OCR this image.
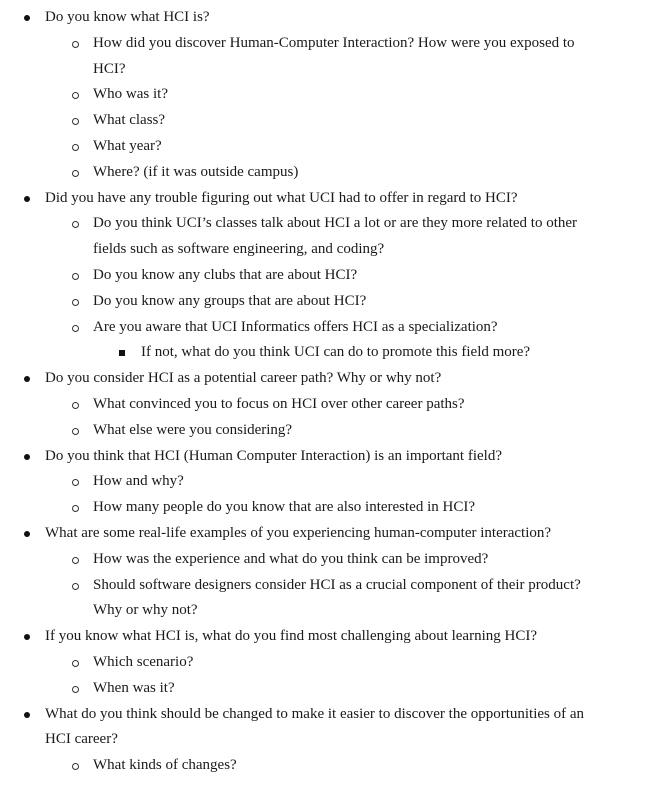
Do you know what HCI is?
How did you discover Human-Computer Interaction? How were you exposed to
HCI?
Who was it?
What class?
What year?
Where? (if it was outside campus)
Did you have any trouble figuring out what UCI had to offer in regard to HCI?
Do you think UCI’s classes talk about HCI a lot or are they more related to other
fields such as software engineering, and coding?
Do you know any clubs that are about HCI?
Do you know any groups that are about HCI?
Are you aware that UCI Informatics offers HCI as a specialization?
If not, what do you think UCI can do to promote this field more?
Do you consider HCI as a potential career path? Why or why not?
What convinced you to focus on HCI over other career paths?
What else were you considering?
Do you think that HCI (Human Computer Interaction) is an important field?
How and why?
How many people do you know that are also interested in HCI?
What are some real-life examples of you experiencing human-computer interaction?
How was the experience and what do you think can be improved?
Should software designers consider HCI as a crucial component of their product?
Why or why not?
If you know what HCI is, what do you find most challenging about learning HCI?
Which scenario?
When was it?
What do you think should be changed to make it easier to discover the opportunities of an
HCI career?
What kinds of changes?
